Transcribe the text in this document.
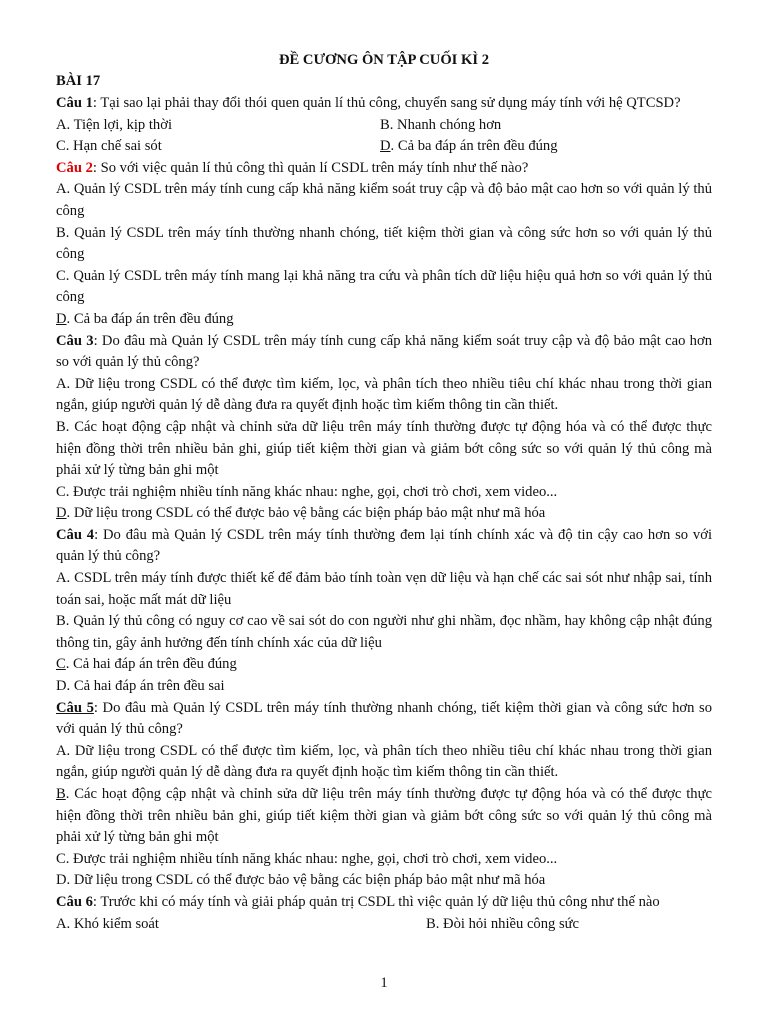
ĐỀ CƯƠNG ÔN TẬP CUỐI KÌ 2
BÀI 17

Câu 1: Tại sao lại phải thay đổi thói quen quản lí thủ công, chuyển sang sử dụng máy tính với hệ QTCSD?

A. Tiện lợi, kịp thời	B. Nhanh chóng hơn
C. Hạn chế sai sót	D. Cả ba đáp án trên đều đúng

Câu 2: So với việc quản lí thủ công thì quản lí CSDL trên máy tính như thế nào?

A. Quản lý CSDL trên máy tính cung cấp khả năng kiểm soát truy cập và độ bảo mật cao hơn so với quản lý thủ công

B. Quản lý CSDL trên máy tính thường nhanh chóng, tiết kiệm thời gian và công sức hơn so với quản lý thủ công

C. Quản lý CSDL trên máy tính mang lại khả năng tra cứu và phân tích dữ liệu hiệu quả hơn so với quản lý thủ công

D. Cả ba đáp án trên đều đúng

Câu 3: Do đâu mà Quản lý CSDL trên máy tính cung cấp khả năng kiểm soát truy cập và độ bảo mật cao hơn so với quản lý thủ công?

A. Dữ liệu trong CSDL có thể được tìm kiếm, lọc, và phân tích theo nhiều tiêu chí khác nhau trong thời gian ngắn, giúp người quản lý dễ dàng đưa ra quyết định hoặc tìm kiếm thông tin cần thiết.

B. Các hoạt động cập nhật và chỉnh sửa dữ liệu trên máy tính thường được tự động hóa và có thể được thực hiện đồng thời trên nhiều bản ghi, giúp tiết kiệm thời gian và giảm bớt công sức so với quản lý thủ công mà phải xử lý từng bản ghi một

C. Được trải nghiệm nhiều tính năng khác nhau: nghe, gọi, chơi trò chơi, xem video...

D. Dữ liệu trong CSDL có thể được bảo vệ bằng các biện pháp bảo mật như mã hóa

Câu 4: Do đâu mà Quản lý CSDL trên máy tính thường đem lại tính chính xác và độ tin cậy cao hơn so với quản lý thủ công?

A. CSDL trên máy tính được thiết kế để đảm bảo tính toàn vẹn dữ liệu và hạn chế các sai sót như nhập sai, tính toán sai, hoặc mất mát dữ liệu

B. Quản lý thủ công có nguy cơ cao về sai sót do con người như ghi nhầm, đọc nhầm, hay không cập nhật đúng thông tin, gây ảnh hưởng đến tính chính xác của dữ liệu

C. Cả hai đáp án trên đều đúng

D. Cả hai đáp án trên đều sai

Câu 5: Do đâu mà Quản lý CSDL trên máy tính thường nhanh chóng, tiết kiệm thời gian và công sức hơn so với quản lý thủ công?

A. Dữ liệu trong CSDL có thể được tìm kiếm, lọc, và phân tích theo nhiều tiêu chí khác nhau trong thời gian ngắn, giúp người quản lý dễ dàng đưa ra quyết định hoặc tìm kiếm thông tin cần thiết.

B. Các hoạt động cập nhật và chỉnh sửa dữ liệu trên máy tính thường được tự động hóa và có thể được thực hiện đồng thời trên nhiều bản ghi, giúp tiết kiệm thời gian và giảm bớt công sức so với quản lý thủ công mà phải xử lý từng bản ghi một

C. Được trải nghiệm nhiều tính năng khác nhau: nghe, gọi, chơi trò chơi, xem video...

D. Dữ liệu trong CSDL có thể được bảo vệ bằng các biện pháp bảo mật như mã hóa

Câu 6: Trước khi có máy tính và giải pháp quản trị CSDL thì việc quản lý dữ liệu thủ công như thế nào

A. Khó kiểm soát	B. Đòi hỏi nhiều công sức
1
